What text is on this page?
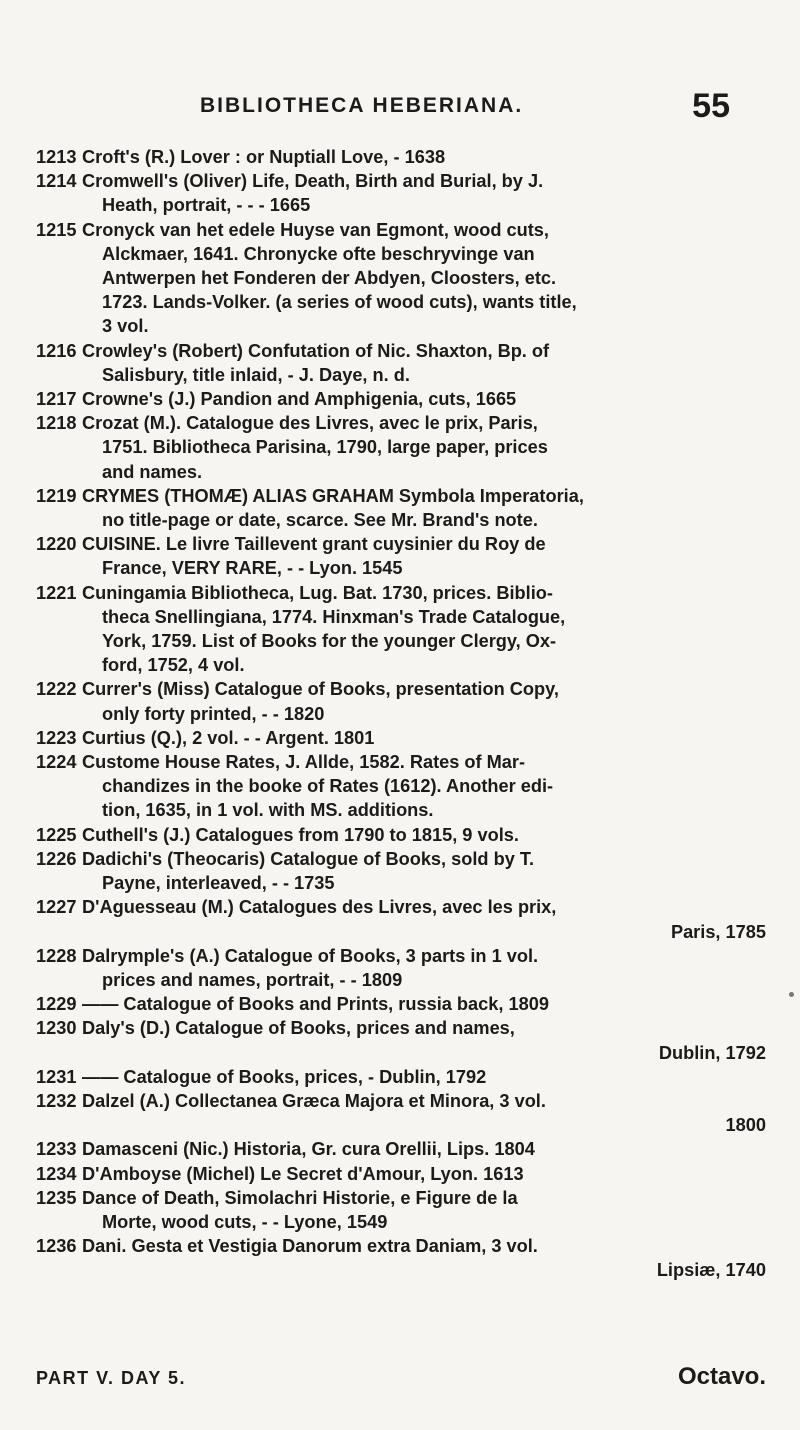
BIBLIOTHECA HEBERIANA.	55
1213 Croft's (R.) Lover : or Nuptiall Love, - 1638
1214 Cromwell's (Oliver) Life, Death, Birth and Burial, by J.
Heath, portrait, - - - 1665
1215 Cronyck van het edele Huyse van Egmont, wood cuts,
Alckmaer, 1641. Chronycke ofte beschryvinge van
Antwerpen het Fonderen der Abdyen, Cloosters, etc.
1723. Lands-Volker. (a series of wood cuts), wants title,
3 vol.
1216 Crowley's (Robert) Confutation of Nic. Shaxton, Bp. of
Salisbury, title inlaid, - J. Daye, n. d.
1217 Crowne's (J.) Pandion and Amphigenia, cuts, 1665
1218 Crozat (M.). Catalogue des Livres, avec le prix, Paris,
1751. Bibliotheca Parisina, 1790, large paper, prices
and names.
1219 CRYMES (THOMÆ) ALIAS GRAHAM Symbola Imperatoria,
no title-page or date, scarce. See Mr. Brand's note.
1220 CUISINE. Le livre Taillevent grant cuysinier du Roy de
France, VERY RARE, - - Lyon. 1545
1221 Cuningamia Bibliotheca, Lug. Bat. 1730, prices. Biblio-
theca Snellingiana, 1774. Hinxman's Trade Catalogue,
York, 1759. List of Books for the younger Clergy, Ox-
ford, 1752, 4 vol.
1222 Currer's (Miss) Catalogue of Books, presentation Copy,
only forty printed, - - 1820
1223 Curtius (Q.), 2 vol. - - Argent. 1801
1224 Custome House Rates, J. Allde, 1582. Rates of Mar-
chandizes in the booke of Rates (1612). Another edi-
tion, 1635, in 1 vol. with MS. additions.
1225 Cuthell's (J.) Catalogues from 1790 to 1815, 9 vols.
1226 Dadichi's (Theocaris) Catalogue of Books, sold by T.
Payne, interleaved, - - 1735
1227 D'Aguesseau (M.) Catalogues des Livres, avec les prix,
Paris, 1785
1228 Dalrymple's (A.) Catalogue of Books, 3 parts in 1 vol.
prices and names, portrait, - - 1809
1229 —— Catalogue of Books and Prints, russia back, 1809
1230 Daly's (D.) Catalogue of Books, prices and names,
Dublin, 1792
1231 —— Catalogue of Books, prices, - Dublin, 1792
1232 Dalzel (A.) Collectanea Græca Majora et Minora, 3 vol.
1800
1233 Damasceni (Nic.) Historia, Gr. cura Orellii, Lips. 1804
1234 D'Amboyse (Michel) Le Secret d'Amour, Lyon. 1613
1235 Dance of Death, Simolachri Historie, e Figure de la
Morte, wood cuts, - - Lyone, 1549
1236 Dani. Gesta et Vestigia Danorum extra Daniam, 3 vol.
Lipsiæ, 1740
PART V. DAY 5.	Octavo.
